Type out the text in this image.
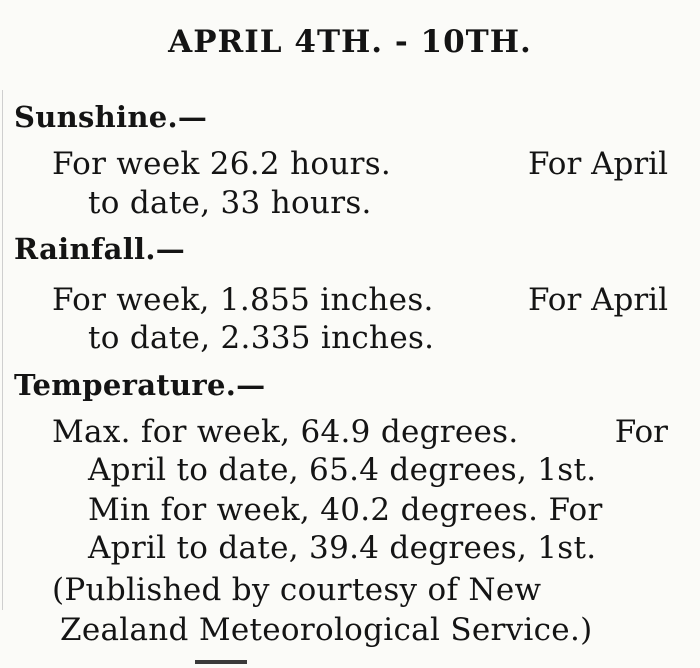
APRIL 4TH. - 10TH.
Sunshine.—
For week 26.2 hours.	For April
to date, 33 hours.
Rainfall.—
For week, 1.855 inches.	For April
to date, 2.335 inches.
Temperature.—
Max. for week, 64.9 degrees.	For
April to date, 65.4 degrees, 1st.
Min for week, 40.2 degrees. For
April to date, 39.4 degrees, 1st.
(Published by courtesy of New
Zealand Meteorological Service.)
